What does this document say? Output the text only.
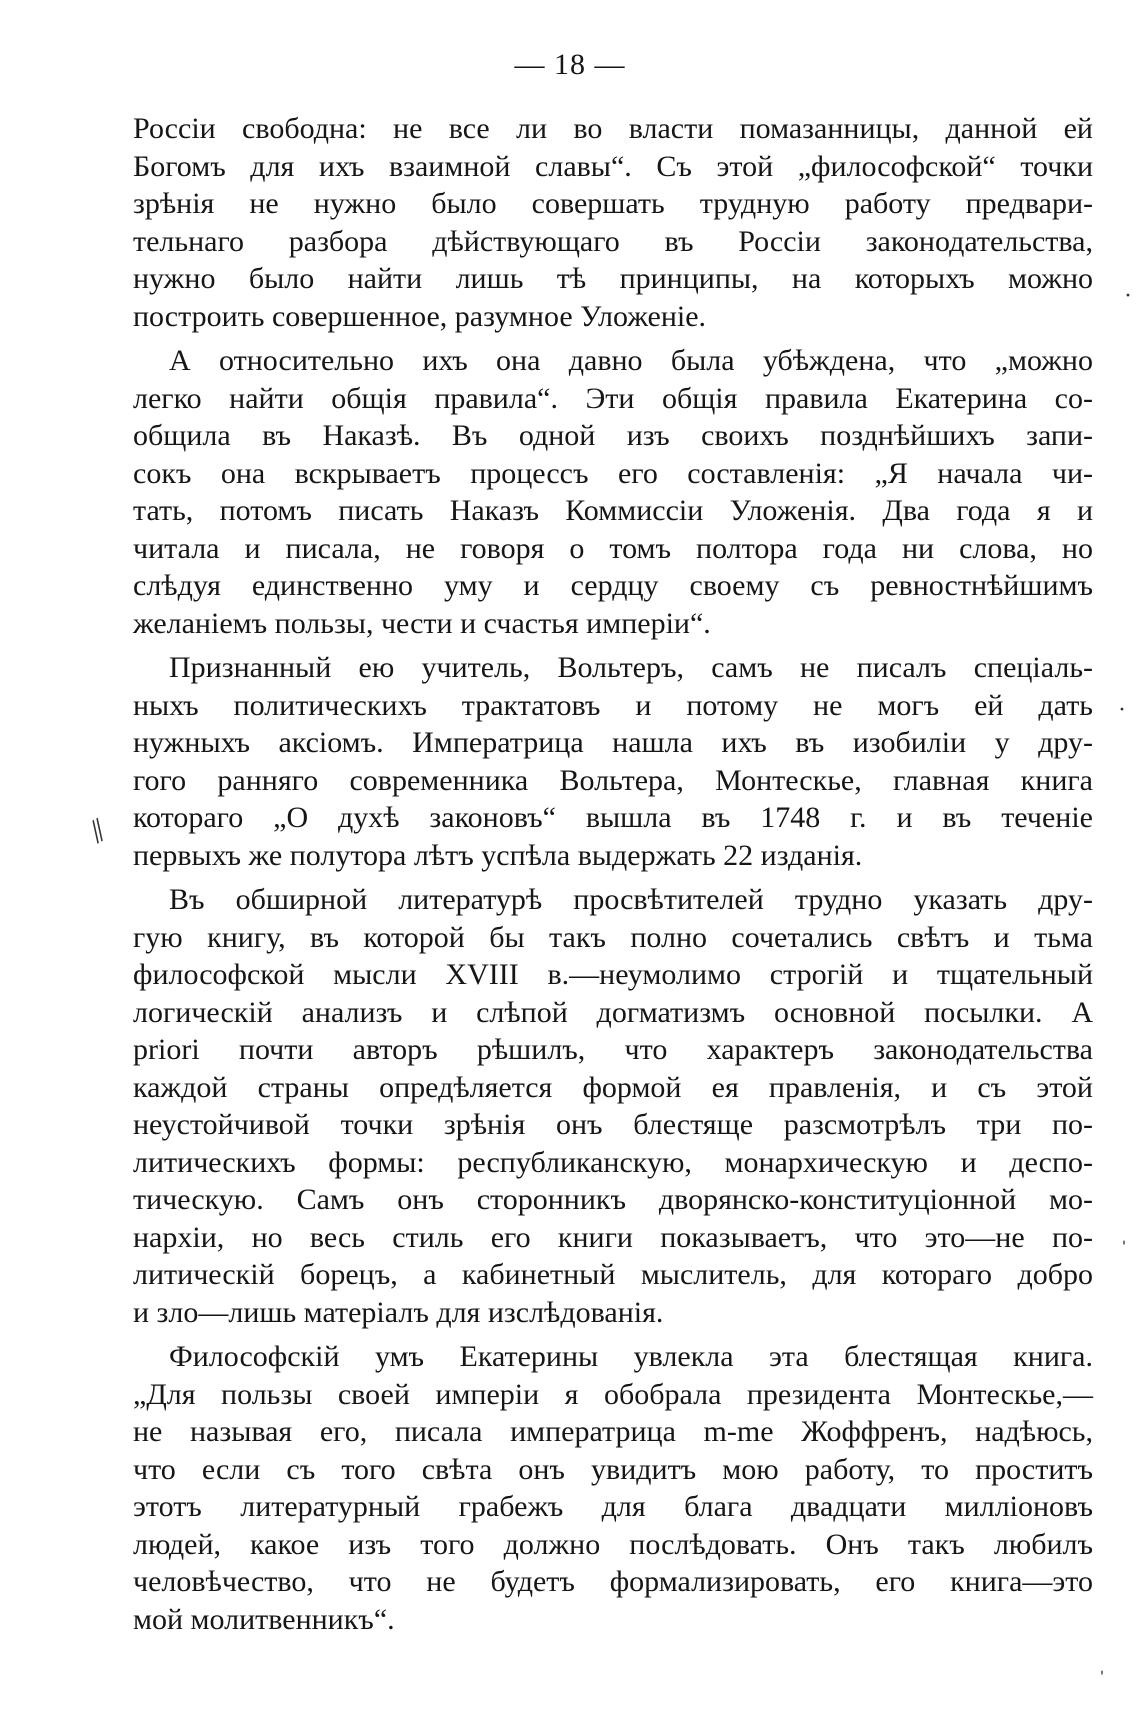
— 18 —
Россіи свободна: не все ли во власти помазанницы, данной ей
Богомъ для ихъ взаимной славы“. Съ этой „философской“ точки
зрѣнія не нужно было совершать трудную работу предвари-
тельнаго разбора дѣйствующаго въ Россіи законодательства,
нужно было найти лишь тѣ принципы, на которыхъ можно
построить совершенное, разумное Уложеніе.
А относительно ихъ она давно была убѣждена, что „можно
легко найти общія правила“. Эти общія правила Екатерина со-
общила въ Наказѣ. Въ одной изъ своихъ позднѣйшихъ запи-
сокъ она вскрываетъ процессъ его составленія: „Я начала чи-
тать, потомъ писать Наказъ Коммиссіи Уложенія. Два года я и
читала и писала, не говоря о томъ полтора года ни слова, но
слѣдуя единственно уму и сердцу своему съ ревностнѣйшимъ
желаніемъ пользы, чести и счастья имперіи“.
Признанный ею учитель, Вольтеръ, самъ не писалъ спеціаль-
ныхъ политическихъ трактатовъ и потому не могъ ей дать
нужныхъ аксіомъ. Императрица нашла ихъ въ изобиліи у дру-
гого ранняго современника Вольтера, Монтескье, главная книга
котораго „О духѣ законовъ“ вышла въ 1748 г. и въ теченіе
первыхъ же полутора лѣтъ успѣла выдержать 22 изданія.
Въ обширной литературѣ просвѣтителей трудно указать дру-
гую книгу, въ которой бы такъ полно сочетались свѣтъ и тьма
философской мысли XVIII в.—неумолимо строгій и тщательный
логическій анализъ и слѣпой догматизмъ основной посылки. А
priori почти авторъ рѣшилъ, что характеръ законодательства
каждой страны опредѣляется формой ея правленія, и съ этой
неустойчивой точки зрѣнія онъ блестяще разсмотрѣлъ три по-
литическихъ формы: республиканскую, монархическую и деспо-
тическую. Самъ онъ сторонникъ дворянско-конституціонной мо-
нархіи, но весь стиль его книги показываетъ, что это—не по-
литическій борецъ, а кабинетный мыслитель, для котораго добро
и зло—лишь матеріалъ для изслѣдованія.
Философскій умъ Екатерины увлекла эта блестящая книга.
„Для пользы своей имперіи я обобрала президента Монтескье,—
не называя его, писала императрица m-me Жоффренъ, надѣюсь,
что если съ того свѣта онъ увидитъ мою работу, то проститъ
этотъ литературный грабежъ для блага двадцати милліоновъ
людей, какое изъ того должно послѣдовать. Онъ такъ любилъ
человѣчество, что не будетъ формализировать, его книга—это
мой молитвенникъ“.
⫽
·
·
ˌ
ˌ
